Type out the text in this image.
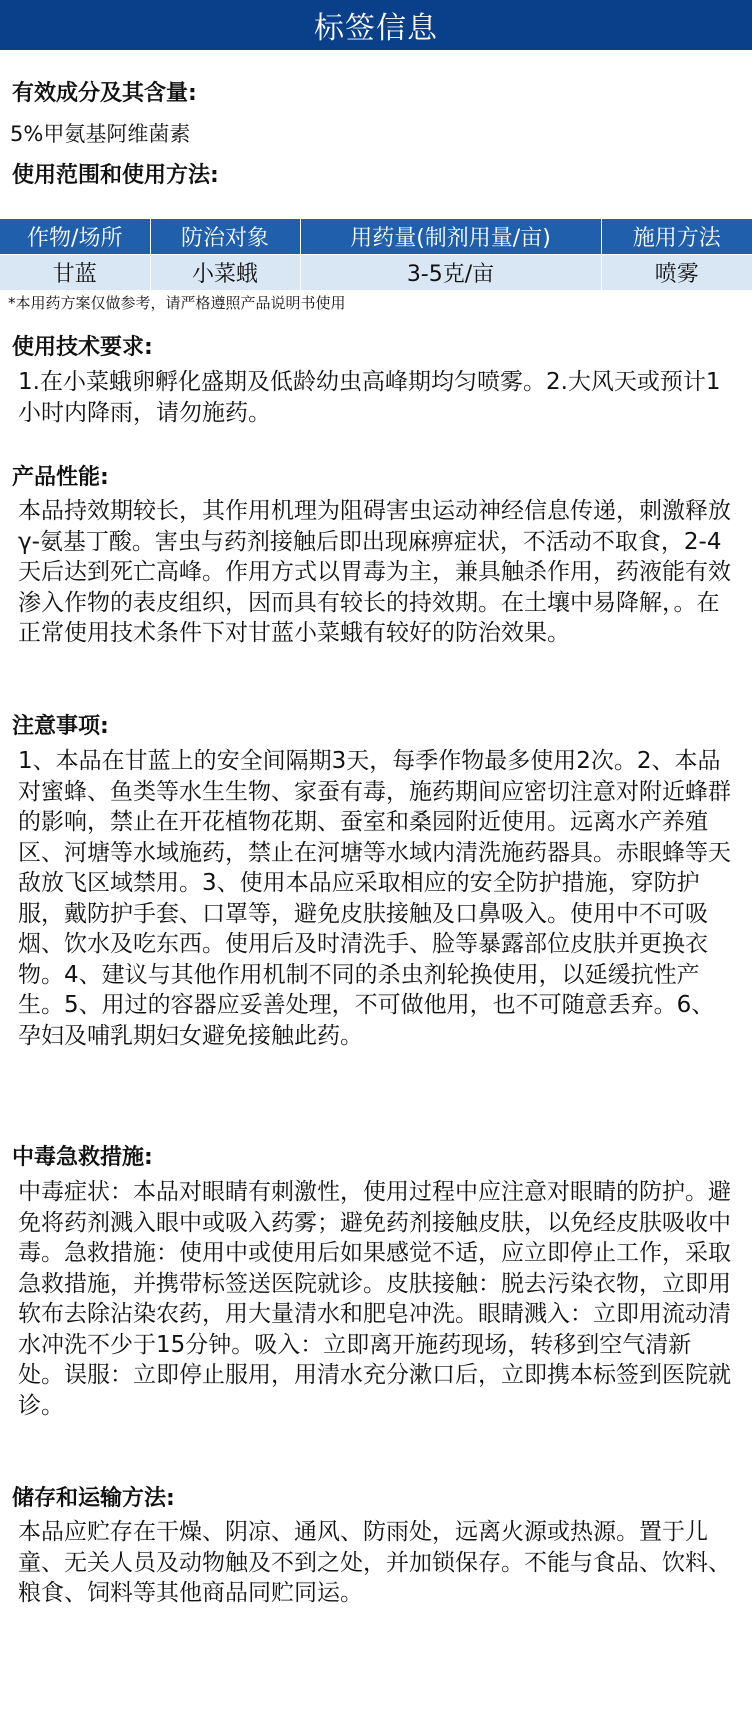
标签信息
有效成分及其含量:
5%甲氨基阿维菌素
使用范围和使用方法:
作物/场所	防治对象	用药量(制剂用量/亩)	施用方法
甘蓝	小菜蛾	3-5克/亩	喷雾
*本用药方案仅做参考，请严格遵照产品说明书使用
使用技术要求:
1.在小菜蛾卵孵化盛期及低龄幼虫高峰期均匀喷雾。2.大风天或预计1小时内降雨，请勿施药。
产品性能:
本品持效期较长，其作用机理为阻碍害虫运动神经信息传递，刺激释放γ-氨基丁酸。害虫与药剂接触后即出现麻痹症状，不活动不取食，2-4天后达到死亡高峰。作用方式以胃毒为主，兼具触杀作用，药液能有效渗入作物的表皮组织，因而具有较长的持效期。在土壤中易降解，。在正常使用技术条件下对甘蓝小菜蛾有较好的防治效果。
注意事项:
1、本品在甘蓝上的安全间隔期3天，每季作物最多使用2次。2、本品对蜜蜂、鱼类等水生生物、家蚕有毒，施药期间应密切注意对附近蜂群的影响，禁止在开花植物花期、蚕室和桑园附近使用。远离水产养殖区、河塘等水域施药，禁止在河塘等水域内清洗施药器具。赤眼蜂等天敌放飞区域禁用。3、使用本品应采取相应的安全防护措施，穿防护服，戴防护手套、口罩等，避免皮肤接触及口鼻吸入。使用中不可吸烟、饮水及吃东西。使用后及时清洗手、脸等暴露部位皮肤并更换衣物。4、建议与其他作用机制不同的杀虫剂轮换使用，以延缓抗性产生。5、用过的容器应妥善处理，不可做他用，也不可随意丢弃。6、孕妇及哺乳期妇女避免接触此药。
中毒急救措施:
中毒症状：本品对眼睛有刺激性，使用过程中应注意对眼睛的防护。避免将药剂溅入眼中或吸入药雾；避免药剂接触皮肤，以免经皮肤吸收中毒。急救措施：使用中或使用后如果感觉不适，应立即停止工作，采取急救措施，并携带标签送医院就诊。皮肤接触：脱去污染衣物，立即用软布去除沾染农药，用大量清水和肥皂冲洗。眼睛溅入：立即用流动清水冲洗不少于15分钟。吸入：立即离开施药现场，转移到空气清新处。误服：立即停止服用，用清水充分漱口后，立即携本标签到医院就诊。
储存和运输方法:
本品应贮存在干燥、阴凉、通风、防雨处，远离火源或热源。置于儿童、无关人员及动物触及不到之处，并加锁保存。不能与食品、饮料、粮食、饲料等其他商品同贮同运。
